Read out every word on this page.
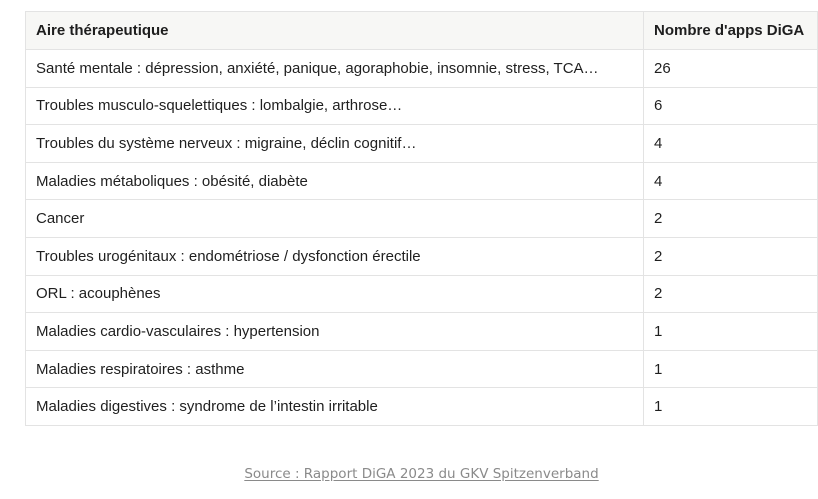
Aire thérapeutique	Nombre d'apps DiGA
Santé mentale : dépression, anxiété, panique, agoraphobie, insomnie, stress, TCA…	26
Troubles musculo-squelettiques : lombalgie, arthrose…	6
Troubles du système nerveux : migraine, déclin cognitif…	4
Maladies métaboliques : obésité, diabète	4
Cancer	2
Troubles urogénitaux : endométriose / dysfonction érectile	2
ORL : acouphènes	2
Maladies cardio-vasculaires : hypertension	1
Maladies respiratoires : asthme	1
Maladies digestives : syndrome de l’intestin irritable	1
Source : Rapport DiGA 2023 du GKV Spitzenverband
